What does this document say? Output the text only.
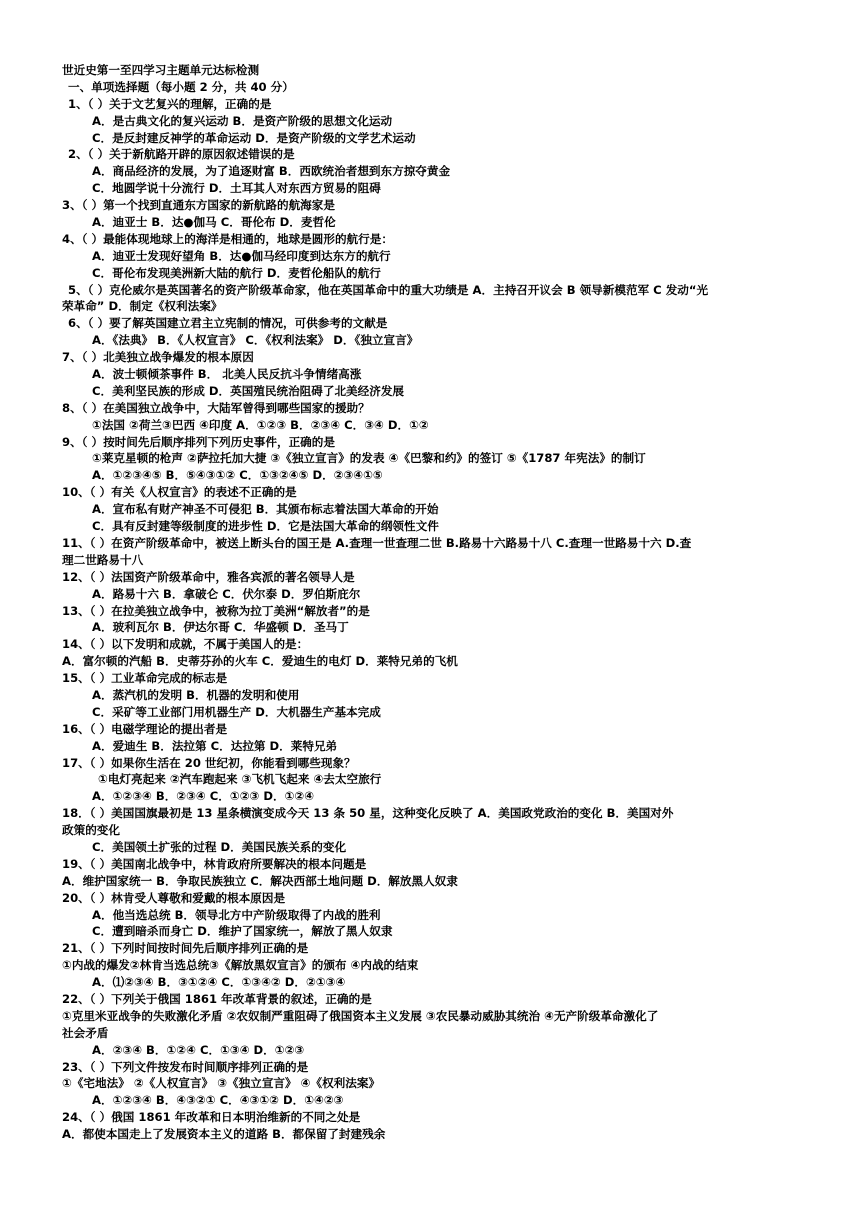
世近史第一至四学习主题单元达标检测
一、单项选择题（每小题 2 分，共 40 分）
1、（ ）关于文艺复兴的理解，正确的是
A．是古典文化的复兴运动 B．是资产阶级的思想文化运动
C．是反封建反神学的革命运动 D．是资产阶级的文学艺术运动
2、（ ）关于新航路开辟的原因叙述错误的是
A．商品经济的发展，为了追逐财富 B．西欧统治者想到东方掠夺黄金
C．地圆学说十分流行 D．土耳其人对东西方贸易的阻碍
3、（ ）第一个找到直通东方国家的新航路的航海家是
A．迪亚士 B．达●伽马 C．哥伦布 D．麦哲伦
4、（ ）最能体现地球上的海洋是相通的，地球是圆形的航行是：
A．迪亚士发现好望角 B．达●伽马经印度到达东方的航行
C．哥伦布发现美洲新大陆的航行 D．麦哲伦船队的航行
5、（ ）克伦威尔是英国著名的资产阶级革命家，他在英国革命中的重大功绩是 A．主持召开议会 B 领导新模范军 C 发动“光
荣革命” D．制定《权利法案》
6、（ ）要了解英国建立君主立宪制的情况，可供参考的文献是
A．《法典》 B．《人权宣言》 C．《权利法案》 D．《独立宣言》
7、（ ）北美独立战争爆发的根本原因
A．波士顿倾茶事件 B． 北美人民反抗斗争情绪高涨
C．美利坚民族的形成 D．英国殖民统治阻碍了北美经济发展
8、（ ）在美国独立战争中，大陆军曾得到哪些国家的援助？
①法国 ②荷兰③巴西 ④印度 A．①②③ B．②③④ C．③④ D．①②
9、（ ）按时间先后顺序排列下列历史事件，正确的是
①莱克星顿的枪声 ②萨拉托加大捷 ③《独立宣言》的发表 ④《巴黎和约》的签订 ⑤《1787 年宪法》的制订
A．①②③④⑤ B．⑤④③①② C．①③②④⑤ D．②③④①⑤
10、（ ）有关《人权宣言》的表述不正确的是
A．宣布私有财产神圣不可侵犯 B．其颁布标志着法国大革命的开始
C．具有反封建等级制度的进步性 D．它是法国大革命的纲领性文件
11、（ ）在资产阶级革命中，被送上断头台的国王是 A.查理一世查理二世 B.路易十六路易十八 C.查理一世路易十六 D.查
理二世路易十八
12、（ ）法国资产阶级革命中，雅各宾派的著名领导人是
A．路易十六 B．拿破仑 C．伏尔泰 D．罗伯斯庇尔
13、（ ）在拉美独立战争中，被称为拉丁美洲“解放者”的是
A．玻利瓦尔 B．伊达尔哥 C．华盛顿 D．圣马丁
14、（ ）以下发明和成就，不属于美国人的是：
A．富尔顿的汽船 B．史蒂芬孙的火车 C．爱迪生的电灯 D．莱特兄弟的飞机
15、（ ）工业革命完成的标志是
A．蒸汽机的发明 B．机器的发明和使用
C．采矿等工业部门用机器生产 D．大机器生产基本完成
16、（ ）电磁学理论的提出者是
A．爱迪生 B．法拉第 C．达拉第 D．莱特兄弟
17、（ ）如果你生活在 20 世纪初，你能看到哪些现象？
①电灯亮起来 ②汽车跑起来 ③飞机飞起来 ④去太空旅行
A．①②③④ B．②③④ C．①②③ D．①②④
18．（ ）美国国旗最初是 13 星条横演变成今天 13 条 50 星，这种变化反映了 A．美国政党政治的变化 B．美国对外
政策的变化
C．美国领土扩张的过程 D．美国民族关系的变化
19、（ ）美国南北战争中，林肯政府所要解决的根本问题是
A．维护国家统一 B．争取民族独立 C．解决西部土地问题 D．解放黑人奴隶
20、（ ）林肯受人尊敬和爱戴的根本原因是
A．他当选总统 B．领导北方中产阶级取得了内战的胜利
C．遭到暗杀而身亡 D．维护了国家统一，解放了黑人奴隶
21、（ ）下列时间按时间先后顺序排列正确的是
①内战的爆发②林肯当选总统③《解放黑奴宣言》的颁布 ④内战的结束
A．⑴②③④ B．③①②④ C．①③④② D．②①③④
22、（ ）下列关于俄国 1861 年改革背景的叙述，正确的是
①克里米亚战争的失败激化矛盾 ②农奴制严重阻碍了俄国资本主义发展 ③农民暴动威胁其统治 ④无产阶级革命激化了
社会矛盾
A．②③④ B．①②④ C．①③④ D．①②③
23、（ ）下列文件按发布时间顺序排列正确的是
①《宅地法》 ②《人权宣言》 ③《独立宣言》 ④《权利法案》
A．①②③④ B．④③②① C．④③①② D．①④②③
24、（ ）俄国 1861 年改革和日本明治维新的不同之处是
A．都使本国走上了发展资本主义的道路 B．都保留了封建残余
